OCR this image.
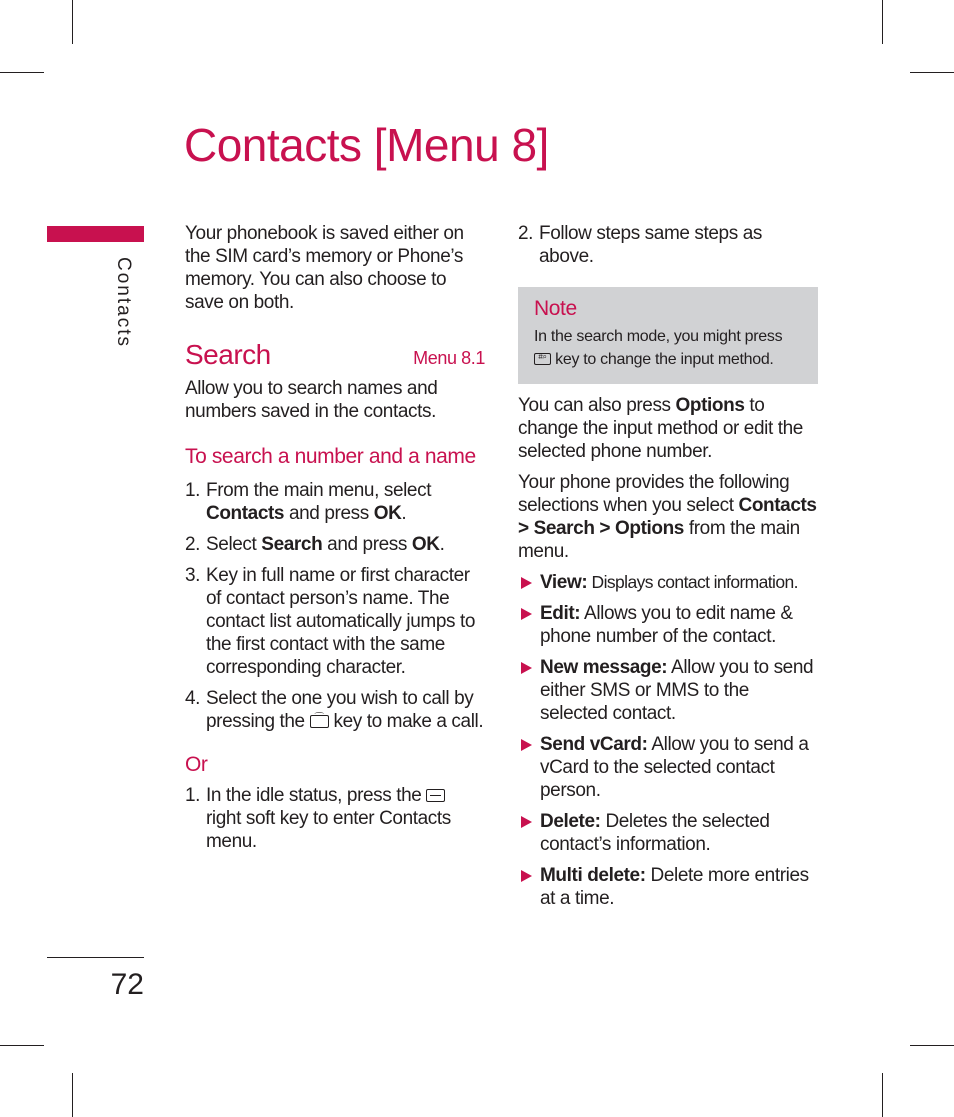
Contacts [Menu 8]
Contacts
72

Your phonebook is saved either on the SIM card’s memory or Phone’s memory. You can also choose to save on both.

Search	Menu 8.1

Allow you to search names and numbers saved in the contacts.

To search a number and a name
1. From the main menu, select Contacts and press OK.
2. Select Search and press OK.
3. Key in full name or first character of contact person’s name. The contact list automatically jumps to the first contact with the same corresponding character.
4. Select the one you wish to call by pressing the ⌒ key to make a call.
Or
1. In the idle status, press the
right soft key to enter Contacts menu.
2. Follow steps same steps as above.
Note
In the search mode, you might press
#⌕ key to change the input method.

You can also press Options to change the input method or edit the selected phone number.

Your phone provides the following selections when you select Contacts > Search > Options from the main menu.

View: Displays contact information.
Edit: Allows you to edit name & phone number of the contact.
New message: Allow you to send either SMS or MMS to the selected contact.
Send vCard: Allow you to send a vCard to the selected contact person.
Delete: Deletes the selected contact’s information.
Multi delete: Delete more entries at a time.
